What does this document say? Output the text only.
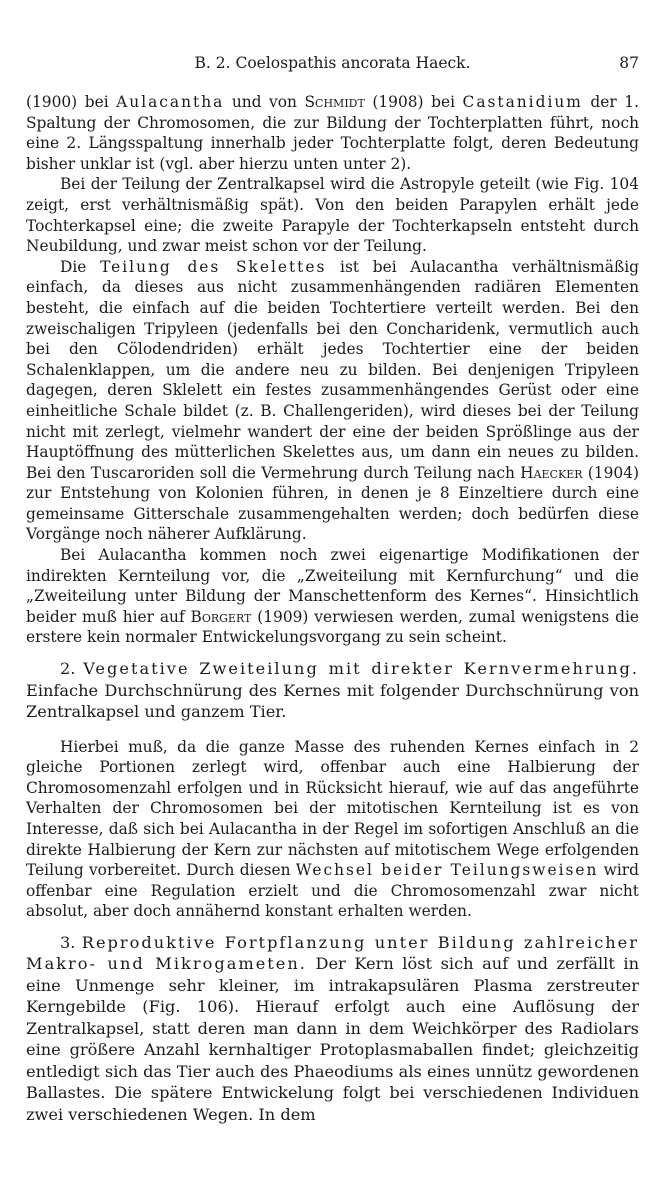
B. 2. Coelospathis ancorata Haeck.	87

(1900) bei Aulacantha und von Schmidt (1908) bei Castanidium der 1. Spaltung der Chromosomen, die zur Bildung der Tochterplatten führt, noch eine 2. Längsspaltung innerhalb jeder Tochterplatte folgt, deren Bedeutung bisher unklar ist (vgl. aber hierzu unten unter 2).

Bei der Teilung der Zentralkapsel wird die Astropyle geteilt (wie Fig. 104 zeigt, erst verhältnismäßig spät). Von den beiden Parapylen erhält jede Tochterkapsel eine; die zweite Parapyle der Tochterkapseln entsteht durch Neubildung, und zwar meist schon vor der Teilung.

Die Teilung des Skelettes ist bei Aulacantha verhältnismäßig einfach, da dieses aus nicht zusammenhängenden radiären Elementen besteht, die einfach auf die beiden Tochtertiere verteilt werden. Bei den zweischaligen Tripyleen (jedenfalls bei den Concharidenk, vermutlich auch bei den Cölodendriden) erhält jedes Tochtertier eine der beiden Schalenklappen, um die andere neu zu bilden. Bei denjenigen Tripyleen dagegen, deren Sklelett ein festes zusammenhängendes Gerüst oder eine einheitliche Schale bildet (z. B. Challengeriden), wird dieses bei der Teilung nicht mit zerlegt, vielmehr wandert der eine der beiden Sprößlinge aus der Hauptöffnung des mütterlichen Skelettes aus, um dann ein neues zu bilden. Bei den Tuscaroriden soll die Vermehrung durch Teilung nach Haecker (1904) zur Entstehung von Kolonien führen, in denen je 8 Einzeltiere durch eine gemeinsame Gitterschale zusammengehalten werden; doch bedürfen diese Vorgänge noch näherer Aufklärung.

Bei Aulacantha kommen noch zwei eigenartige Modifikationen der indirekten Kernteilung vor, die „Zweiteilung mit Kernfurchung“ und die „Zweiteilung unter Bildung der Manschettenform des Kernes“. Hinsichtlich beider muß hier auf Borgert (1909) verwiesen werden, zumal wenigstens die erstere kein normaler Entwickelungsvorgang zu sein scheint.

2. Vegetative Zweiteilung mit direkter Kernvermehrung. Einfache Durchschnürung des Kernes mit folgender Durchschnürung von Zentralkapsel und ganzem Tier.

Hierbei muß, da die ganze Masse des ruhenden Kernes einfach in 2 gleiche Portionen zerlegt wird, offenbar auch eine Halbierung der Chromosomenzahl erfolgen und in Rücksicht hierauf, wie auf das angeführte Verhalten der Chromosomen bei der mitotischen Kernteilung ist es von Interesse, daß sich bei Aulacantha in der Regel im sofortigen Anschluß an die direkte Halbierung der Kern zur nächsten auf mitotischem Wege erfolgenden Teilung vorbereitet. Durch diesen Wechsel beider Teilungsweisen wird offenbar eine Regulation erzielt und die Chromosomenzahl zwar nicht absolut, aber doch annähernd konstant erhalten werden.

3. Reproduktive Fortpflanzung unter Bildung zahlreicher Makro- und Mikrogameten. Der Kern löst sich auf und zerfällt in eine Unmenge sehr kleiner, im intrakapsulären Plasma zerstreuter Kerngebilde (Fig. 106). Hierauf erfolgt auch eine Auflösung der Zentralkapsel, statt deren man dann in dem Weichkörper des Radiolars eine größere Anzahl kernhaltiger Protoplasmaballen findet; gleichzeitig entledigt sich das Tier auch des Phaeodiums als eines unnütz gewordenen Ballastes. Die spätere Entwickelung folgt bei verschiedenen Individuen zwei verschiedenen Wegen. In dem
